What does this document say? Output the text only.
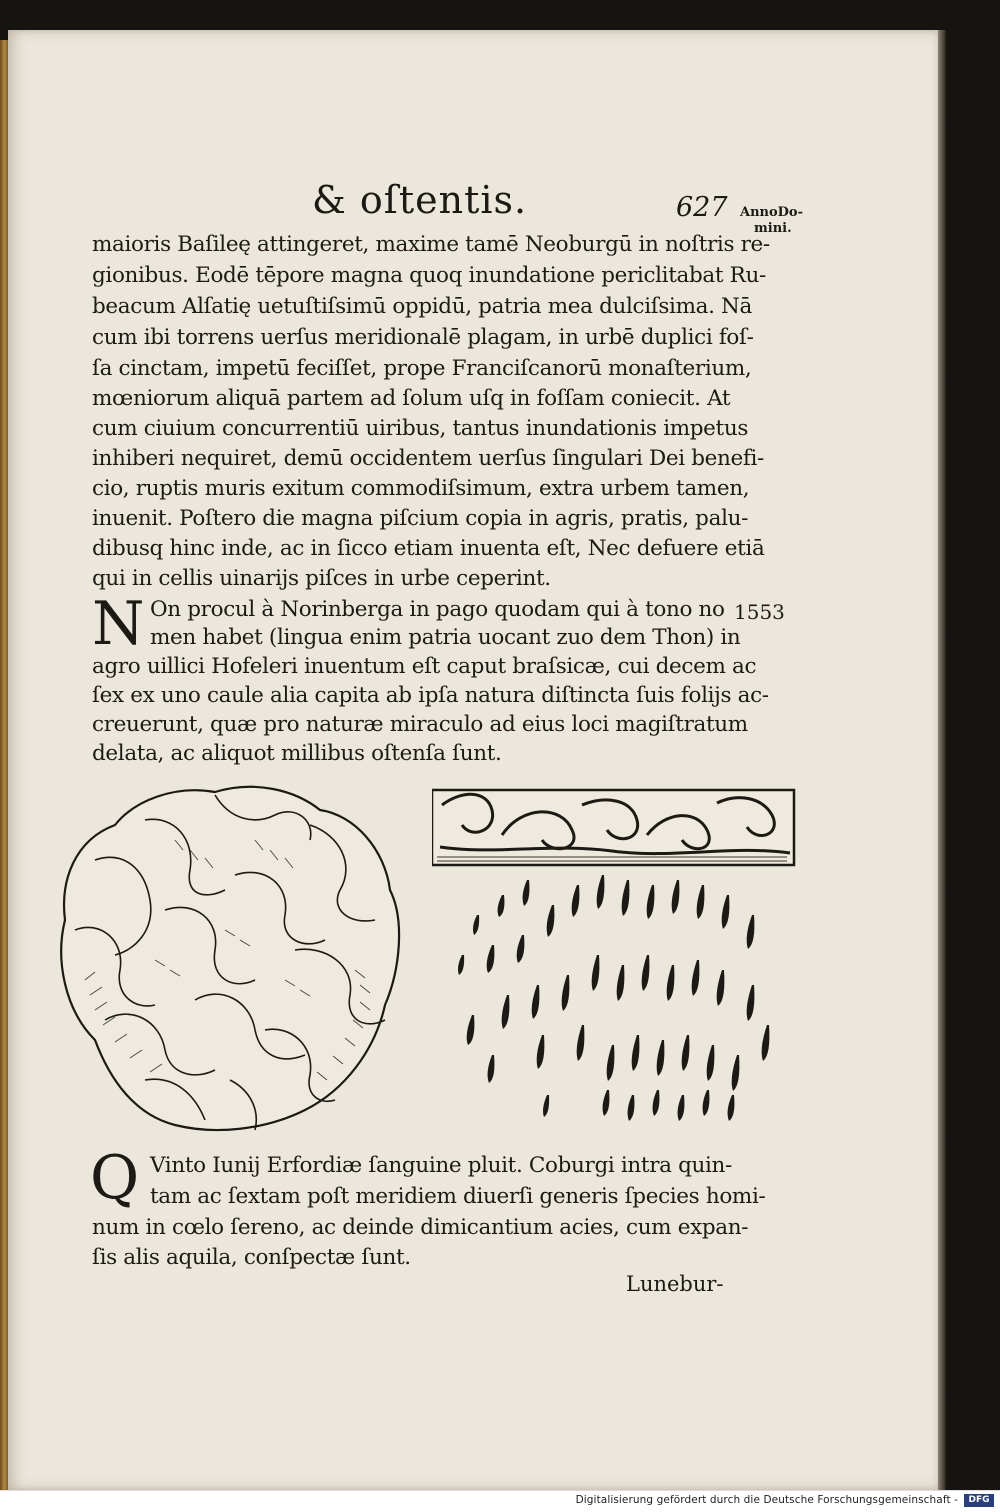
& oſtentis.	627 AnnoDo-
mini.
1553
maioris Baſileę attingeret, maxime tamē Neoburgū in noſtris re-
gionibus. Eodē tēpore magna quoq inundatione periclitabat Ru-
beacum Alſatię uetuſtiſsimū oppidū, patria mea dulciſsima. Nā
cum ibi torrens uerſus meridionalē plagam, in urbē duplici foſ-
ſa cinctam, impetū feciſſet, prope Franciſcanorū monaſterium,
mœniorum aliquā partem ad ſolum uſq in foſſam coniecit. At
cum ciuium concurrentiū uiribus, tantus inundationis impetus
inhiberi nequiret, demū occidentem uerſus ſingulari Dei benefi-
cio, ruptis muris exitum commodiſsimum, extra urbem tamen,
inuenit. Poſtero die magna piſcium copia in agris, pratis, palu-
dibusq hinc inde, ac in ſicco etiam inuenta eſt, Nec defuere etiā
qui in cellis uinarijs piſces in urbe ceperint.
N On procul à Norinberga in pago quodam qui à tono no
men habet (lingua enim patria uocant zuo dem Thon) in
agro uillici Hofeleri inuentum eſt caput braſsicæ, cui decem ac
ſex ex uno caule alia capita ab ipſa natura diſtincta ſuis folijs ac-
creuerunt, quæ pro naturæ miraculo ad eius loci magiſtratum
delata, ac aliquot millibus oſtenſa ſunt.
Q Vinto Iunij Erfordiæ ſanguine pluit. Coburgi intra quin-
tam ac ſextam poſt meridiem diuerſi generis ſpecies homi-
num in cœlo ſereno, ac deinde dimicantium acies, cum expan-
ſis alis aquila, conſpectæ ſunt.
Lunebur-
Digitalisierung gefördert durch die Deutsche Forschungsgemeinschaft -	DFG
